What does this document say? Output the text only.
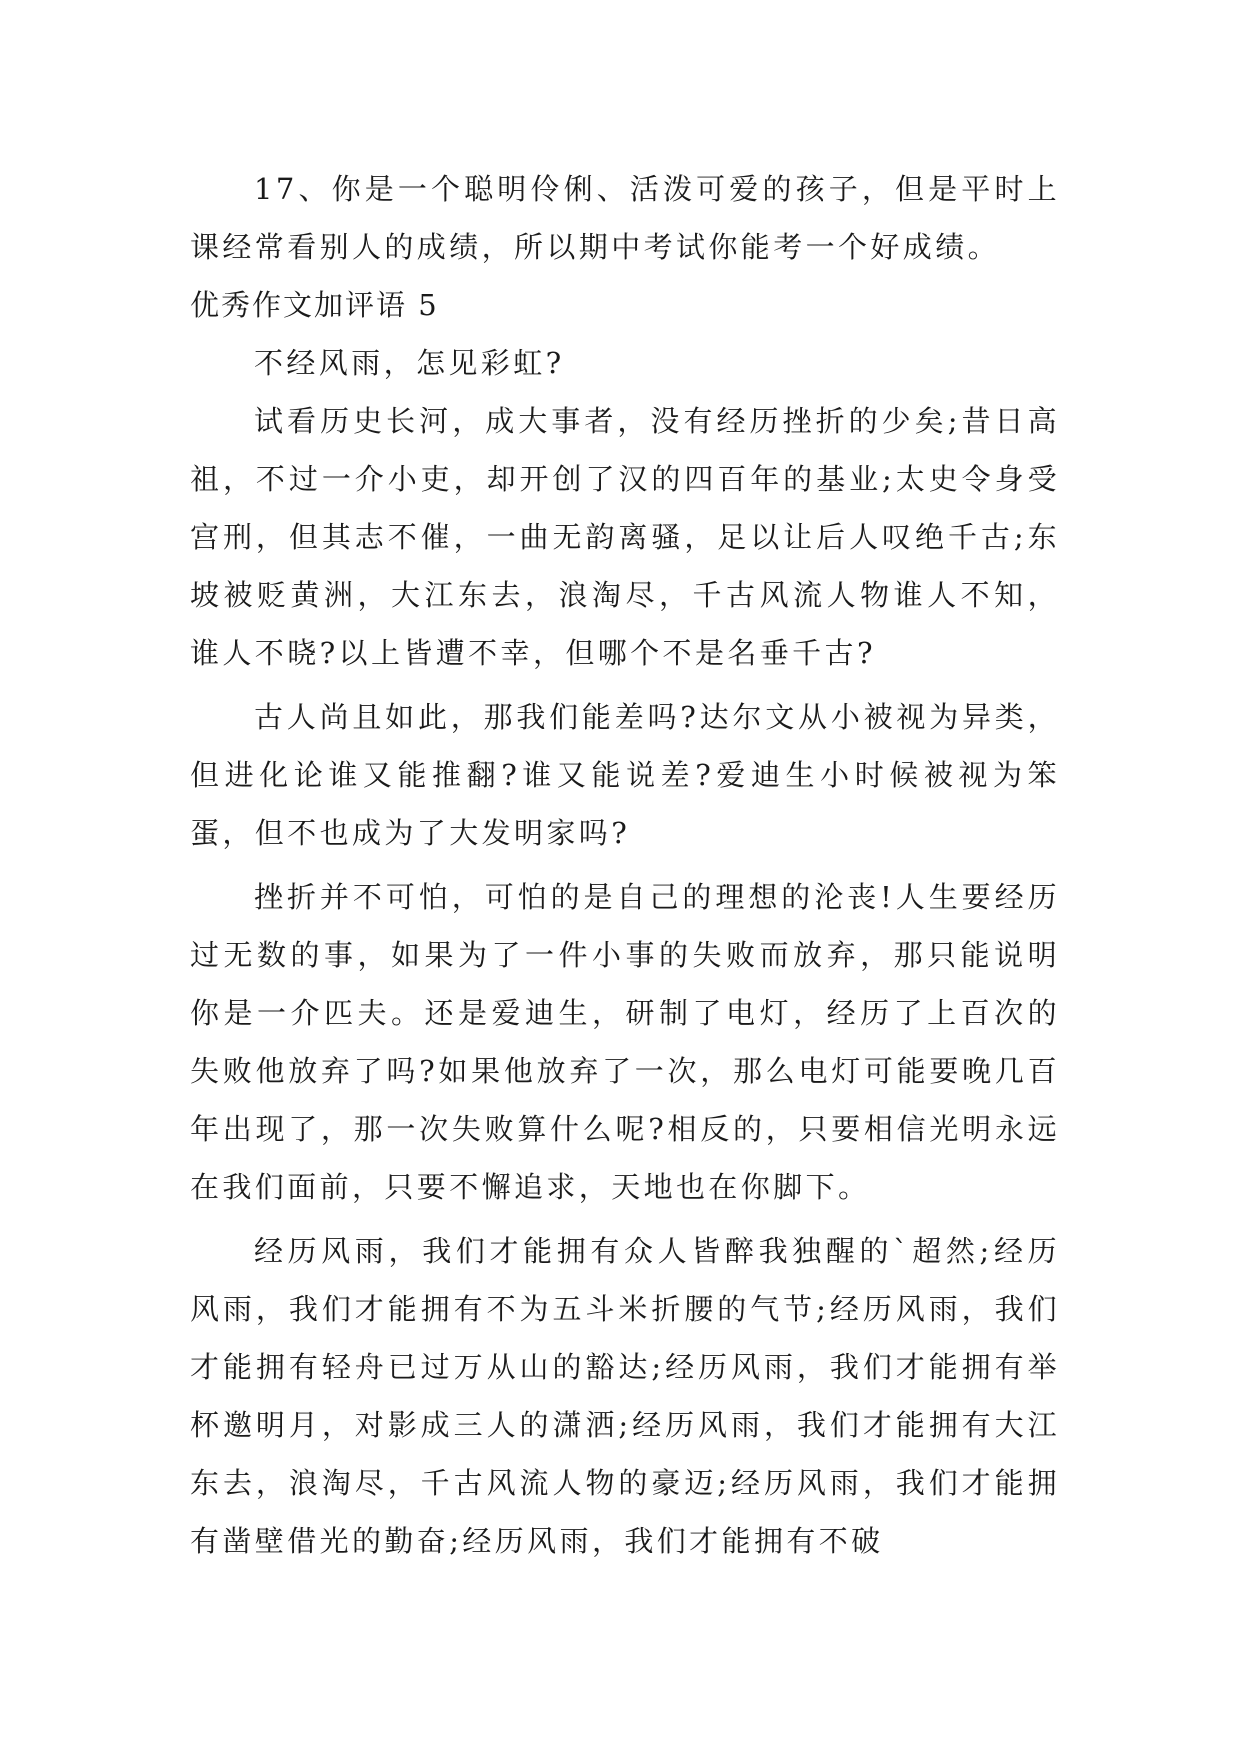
17、你是一个聪明伶俐、活泼可爱的孩子，但是平时上课经常看别人的成绩，所以期中考试你能考一个好成绩。

优秀作文加评语 5

不经风雨，怎见彩虹?

试看历史长河，成大事者，没有经历挫折的少矣;昔日高祖，不过一介小吏，却开创了汉的四百年的基业;太史令身受宫刑，但其志不催，一曲无韵离骚，足以让后人叹绝千古;东坡被贬黄洲，大江东去，浪淘尽，千古风流人物谁人不知，谁人不晓?以上皆遭不幸，但哪个不是名垂千古?

古人尚且如此，那我们能差吗?达尔文从小被视为异类，但进化论谁又能推翻?谁又能说差?爱迪生小时候被视为笨蛋，但不也成为了大发明家吗?

挫折并不可怕，可怕的是自己的理想的沦丧!人生要经历过无数的事，如果为了一件小事的失败而放弃，那只能说明你是一介匹夫。还是爱迪生，研制了电灯，经历了上百次的失败他放弃了吗?如果他放弃了一次，那么电灯可能要晚几百年出现了，那一次失败算什么呢?相反的，只要相信光明永远在我们面前，只要不懈追求，天地也在你脚下。

经历风雨，我们才能拥有众人皆醉我独醒的`超然;经历风雨，我们才能拥有不为五斗米折腰的气节;经历风雨，我们才能拥有轻舟已过万从山的豁达;经历风雨，我们才能拥有举杯邀明月，对影成三人的潇洒;经历风雨，我们才能拥有大江东去，浪淘尽，千古风流人物的豪迈;经历风雨，我们才能拥有凿壁借光的勤奋;经历风雨，我们才能拥有不破
